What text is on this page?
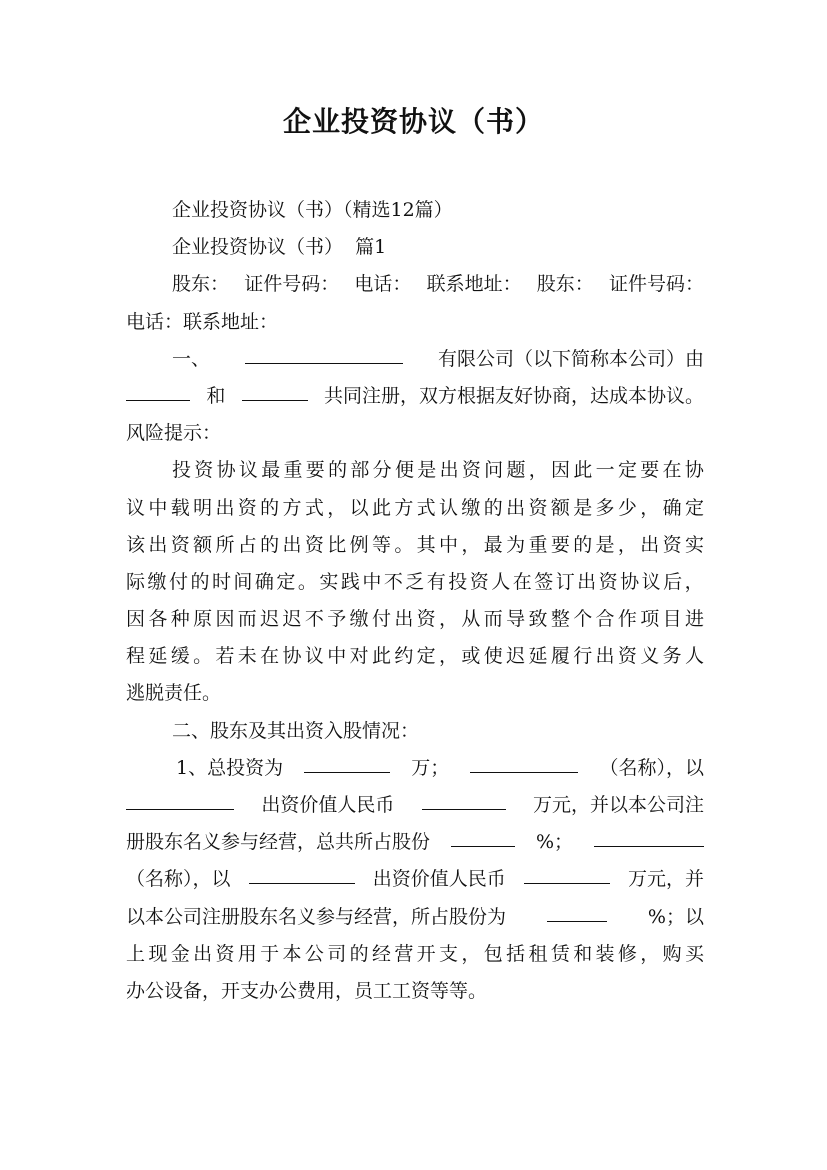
企业投资协议（书）
企业投资协议（书）（精选12篇）
企业投资协议（书）  篇1
股东： 证件号码： 电话： 联系地址： 股东： 证件号码：
电话：联系地址：
一、	有限公司（以下简称本公司）由
和	共同注册，双方根据友好协商，达成本协议。
风险提示：
投 资 协 议 最 重 要 的 部 分 便 是 出 资 问 题 ， 因 此 一 定 要 在 协
议 中 载 明 出 资 的 方 式 ， 以 此 方 式 认 缴 的 出 资 额 是 多 少 ， 确 定
该 出 资 额 所 占 的 出 资 比 例 等 。 其 中 ， 最 为 重 要 的 是 ， 出 资 实
际 缴 付 的 时 间 确 定 。 实 践 中 不 乏 有 投 资 人 在 签 订 出 资 协 议 后 ，
因 各 种 原 因 而 迟 迟 不 予 缴 付 出 资 ， 从 而 导 致 整 个 合 作 项 目 进
程 延 缓 。 若 未 在 协 议 中 对 此 约 定 ， 或 使 迟 延 履 行 出 资 义 务 人
逃脱责任。
二、股东及其出资入股情况：
1、总投资为	万；	（名称），以
出资价值人民币	万元，并以本公司注
册股东名义参与经营，总共所占股份	%；
（名称），以	出资价值人民币	万元，并
以本公司注册股东名义参与经营，所占股份为	%；以
上 现 金 出 资 用 于 本 公 司 的 经 营 开 支 ， 包 括 租 赁 和 装 修 ， 购 买
办公设备，开支办公费用，员工工资等等。
